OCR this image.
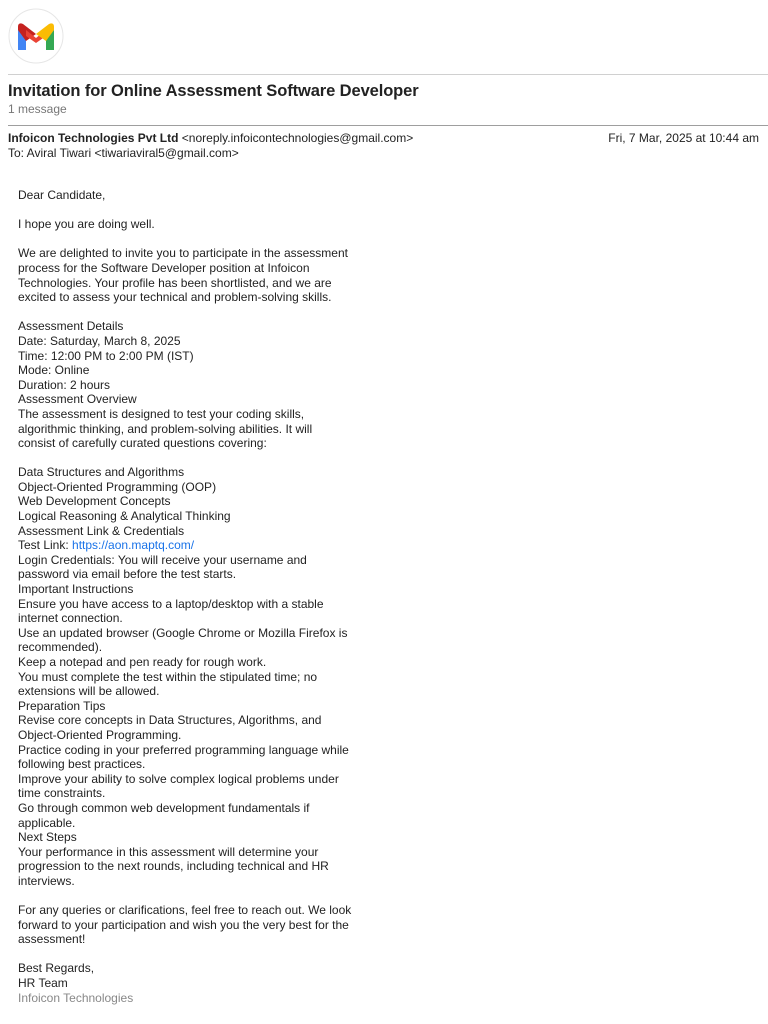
Invitation for Online Assessment Software Developer
1 message
Infoicon Technologies Pvt Ltd <noreply.infoicontechnologies@gmail.com>
To: Aviral Tiwari <tiwariaviral5@gmail.com>
Fri, 7 Mar, 2025 at 10:44 am
Dear Candidate,
I hope you are doing well.
We are delighted to invite you to participate in the assessment
process for the Software Developer position at Infoicon
Technologies. Your profile has been shortlisted, and we are
excited to assess your technical and problem-solving skills.
Assessment Details
Date: Saturday, March 8, 2025
Time: 12:00 PM to 2:00 PM (IST)
Mode: Online
Duration: 2 hours
Assessment Overview
The assessment is designed to test your coding skills,
algorithmic thinking, and problem-solving abilities. It will
consist of carefully curated questions covering:
Data Structures and Algorithms
Object-Oriented Programming (OOP)
Web Development Concepts
Logical Reasoning & Analytical Thinking
Assessment Link & Credentials
Test Link: https://aon.maptq.com/
Login Credentials: You will receive your username and
password via email before the test starts.
Important Instructions
Ensure you have access to a laptop/desktop with a stable
internet connection.
Use an updated browser (Google Chrome or Mozilla Firefox is
recommended).
Keep a notepad and pen ready for rough work.
You must complete the test within the stipulated time; no
extensions will be allowed.
Preparation Tips
Revise core concepts in Data Structures, Algorithms, and
Object-Oriented Programming.
Practice coding in your preferred programming language while
following best practices.
Improve your ability to solve complex logical problems under
time constraints.
Go through common web development fundamentals if
applicable.
Next Steps
Your performance in this assessment will determine your
progression to the next rounds, including technical and HR
interviews.
For any queries or clarifications, feel free to reach out. We look
forward to your participation and wish you the very best for the
assessment!
Best Regards,
HR Team
Infoicon Technologies
